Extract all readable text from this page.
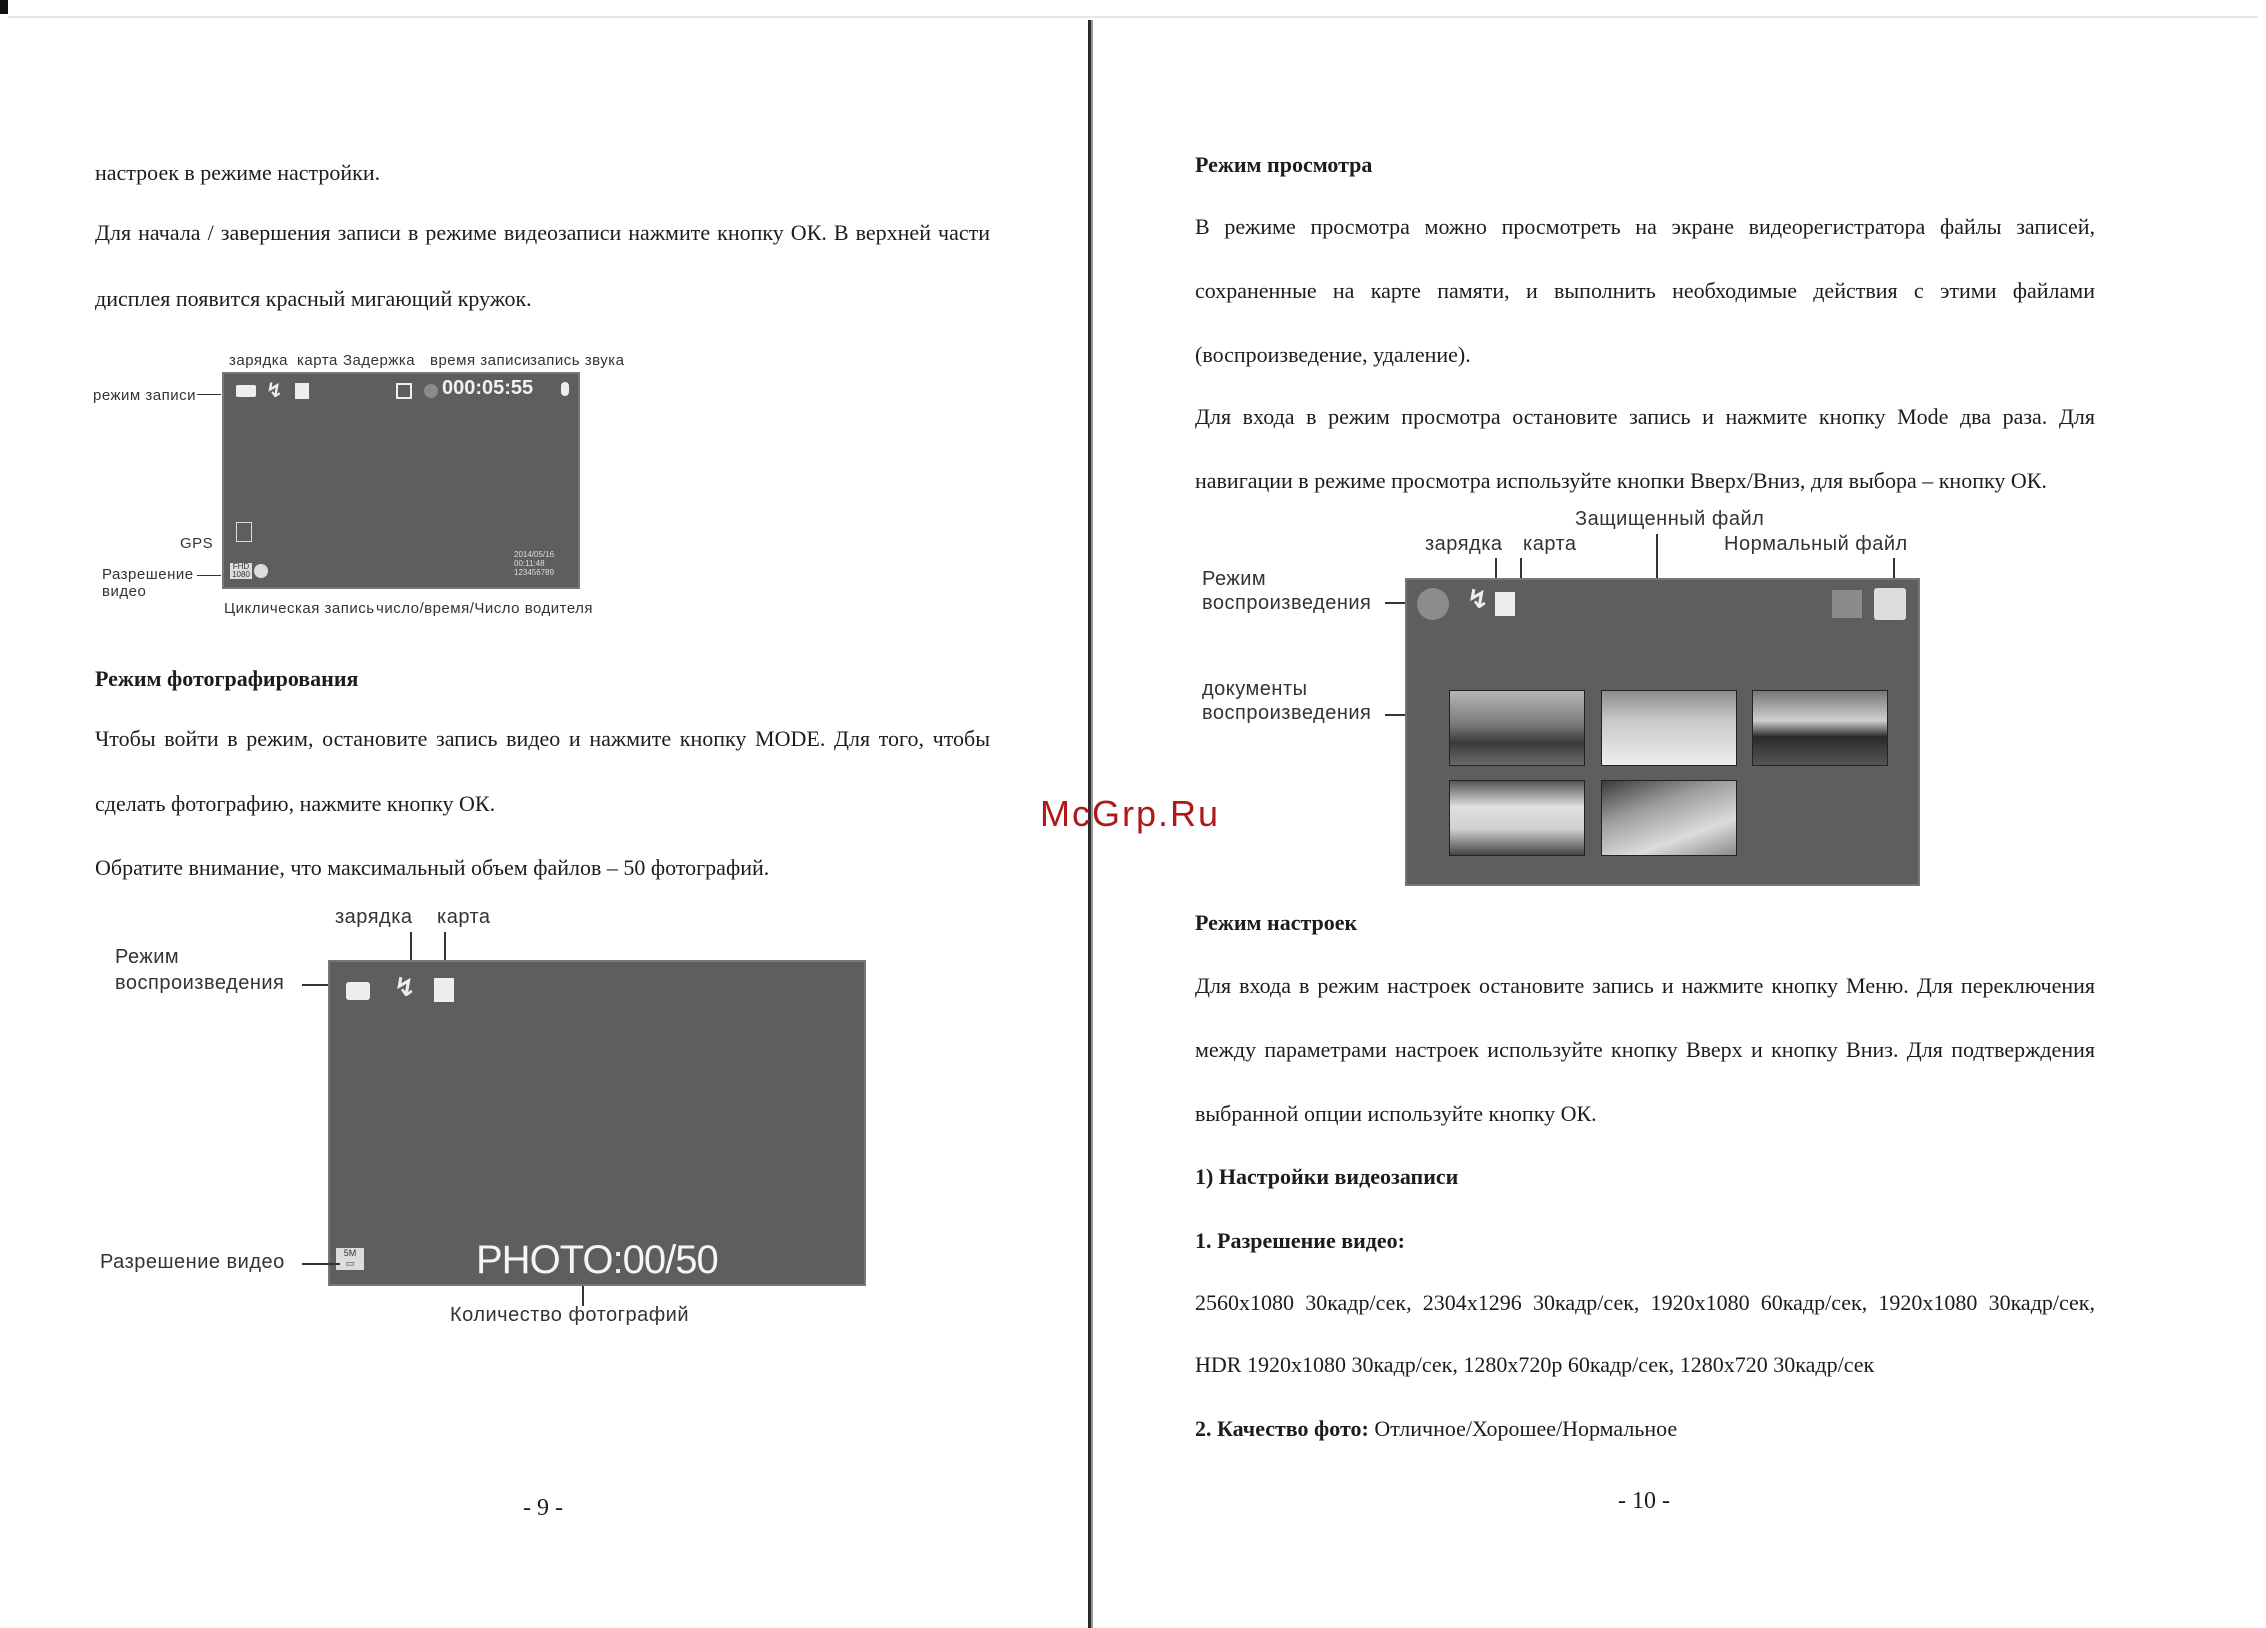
настроек в режиме настройки.
Для начала / завершения записи в режиме видеозаписи нажмите кнопку ОК. В верхней части
дисплея появится красный мигающий кружок.
зарядка карта Задержка время записи запись звука
режим записи	↯	000:05:55
FHD
1080
2014/05/16
00:11:48
123456789
GPS
Разрешение видео
Циклическая запись число/время/Число водителя
Режим фотографирования
Чтобы войти в режим, остановите запись видео и нажмите кнопку MODE. Для того, чтобы
сделать фотографию, нажмите кнопку ОК.
Обратите внимание, что максимальный объем файлов – 50 фотографий.
зарядка карта
Режим
воспроизведения	↯
5M
▭	PHOTO:00/50
Разрешение видео
Количество фотографий
- 9 -
Режим просмотра
В режиме просмотра можно просмотреть на экране видеорегистратора файлы записей,
сохраненные на карте памяти, и выполнить необходимые действия с этими файлами
(воспроизведение, удаление).
Для входа в режим просмотра остановите запись и нажмите кнопку Mode два раза. Для
навигации в режиме просмотра используйте кнопки Вверх/Вниз, для выбора – кнопку ОК.
Защищенный файл
зарядка карта	Нормальный файл
Режим
воспроизведения
документы
воспроизведения
↯
McGrp.Ru
Режим настроек
Для входа в режим настроек остановите запись и нажмите кнопку Меню. Для переключения
между параметрами настроек используйте кнопку Вверх и кнопку Вниз. Для подтверждения
выбранной опции используйте кнопку ОК.
1) Настройки видеозаписи
1. Разрешение видео:
2560x1080 30кадр/сек, 2304x1296 30кадр/сек, 1920x1080 60кадр/сек, 1920x1080 30кадр/сек,
HDR 1920x1080 30кадр/сек, 1280x720p 60кадр/сек, 1280x720 30кадр/сек
2. Качество фото: Отличное/Хорошее/Нормальное
- 10 -
